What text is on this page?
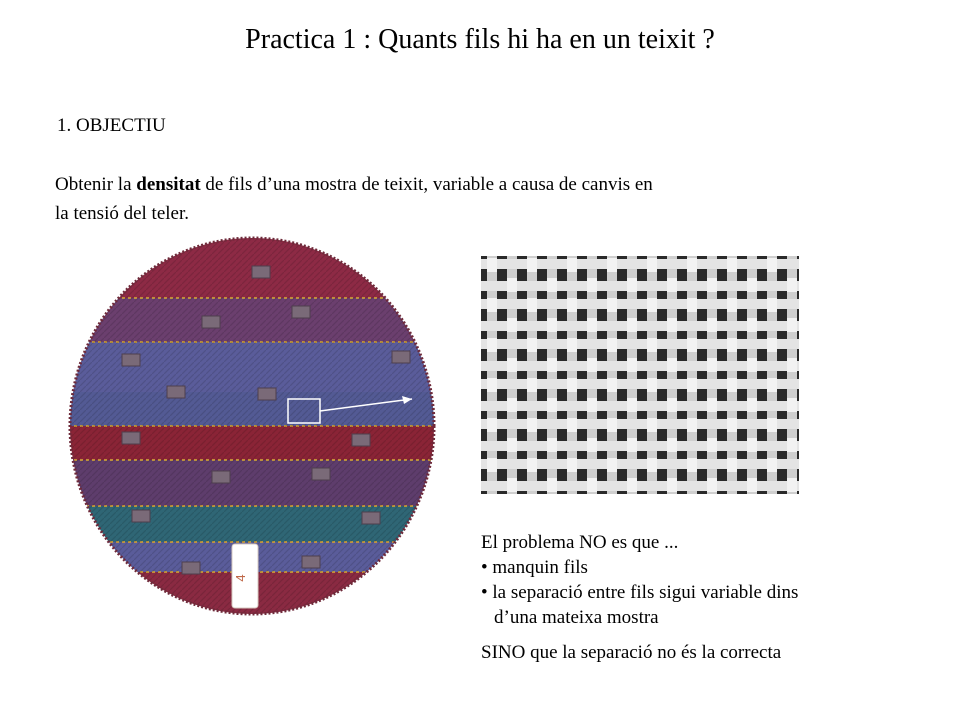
Practica 1 : Quants fils hi ha en un teixit ?
1. OBJECTIU
Obtenir la densitat de fils d’una mostra de teixit, variable a causa de canvis en
la tensió del teler.
4
El problema NO es que ...
• manquin fils
• la separació entre fils sigui variable dins
d’una mateixa mostra
SINO que la separació no és la correcta
